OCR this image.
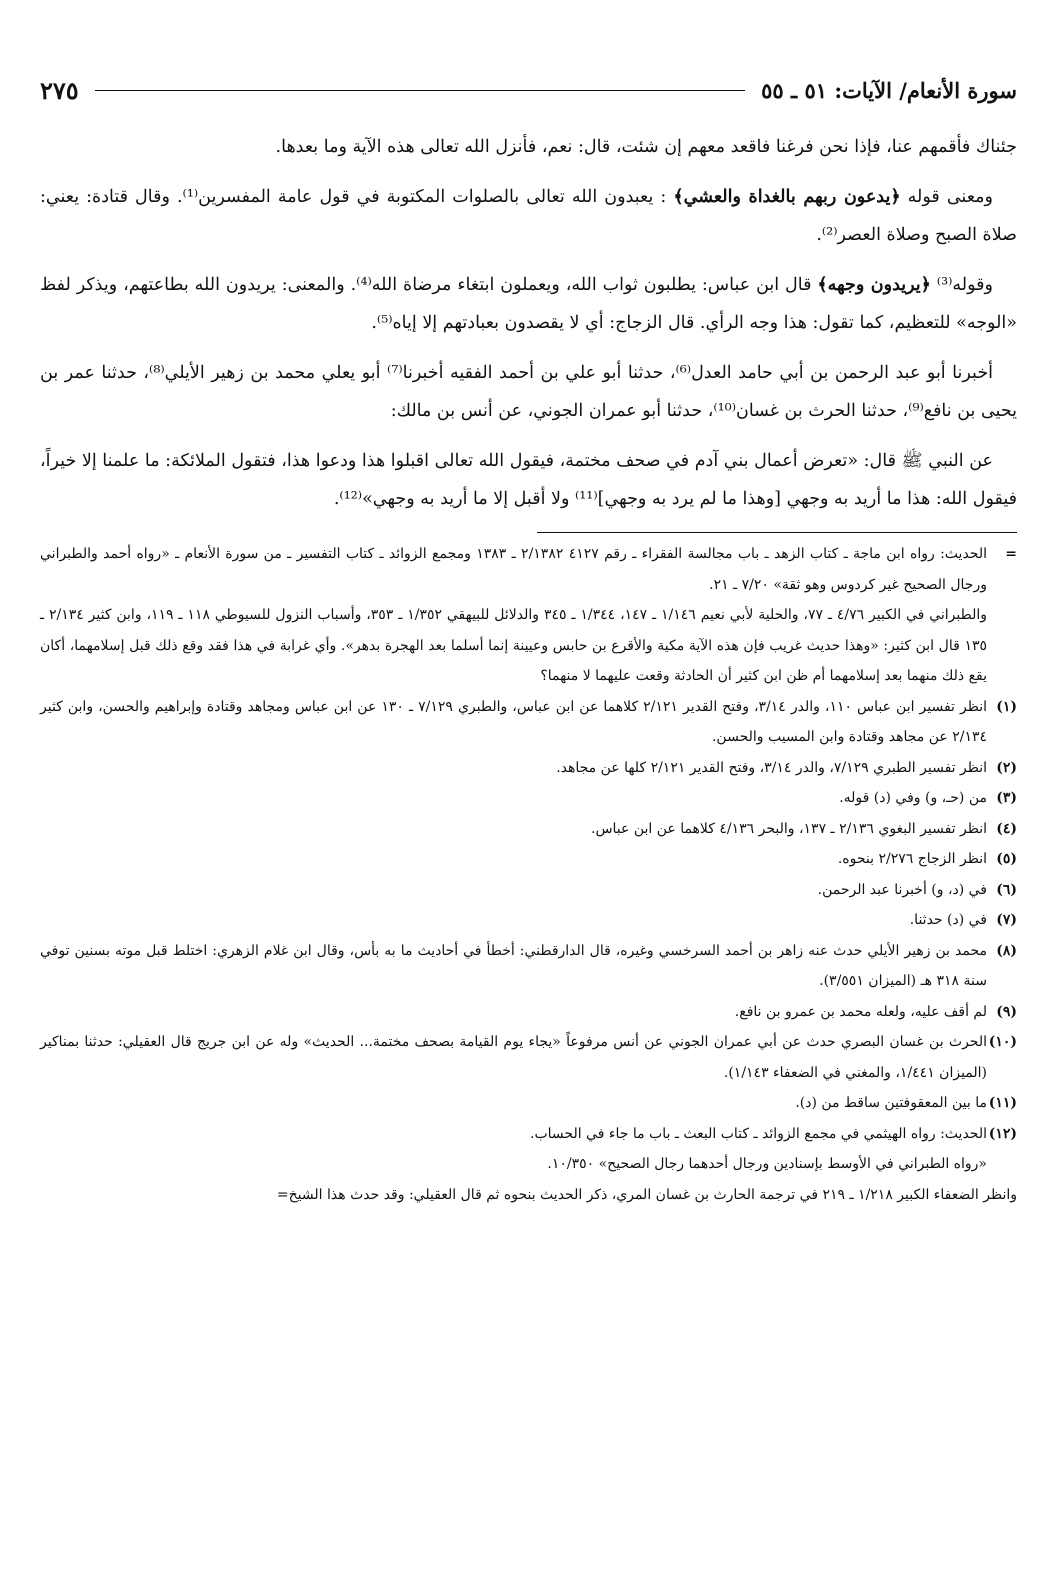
سورة الأنعام/ الآيات: ٥١ ـ ٥٥
٢٧٥

جئناك فأقمهم عنا، فإذا نحن فرغنا فاقعد معهم إن شئت، قال: نعم، فأنزل الله تعالى هذه الآية وما بعدها.

ومعنى قوله ﴿يدعون ربهم بالغداة والعشي﴾ : يعبدون الله تعالى بالصلوات المكتوبة في قول عامة المفسرين⁽¹⁾. وقال قتادة: يعني: صلاة الصبح وصلاة العصر⁽²⁾.

وقوله⁽³⁾ ﴿يريدون وجهه﴾ قال ابن عباس: يطلبون ثواب الله، ويعملون ابتغاء مرضاة الله⁽⁴⁾. والمعنى: يريدون الله بطاعتهم، ويذكر لفظ «الوجه» للتعظيم، كما تقول: هذا وجه الرأي. قال الزجاج: أي لا يقصدون بعبادتهم إلا إياه⁽⁵⁾.

أخبرنا أبو عبد الرحمن بن أبي حامد العدل⁽⁶⁾، حدثنا أبو علي بن أحمد الفقيه أخبرنا⁽⁷⁾ أبو يعلي محمد بن زهير الأيلي⁽⁸⁾، حدثنا عمر بن يحيى بن نافع⁽⁹⁾، حدثنا الحرث بن غسان⁽¹⁰⁾، حدثنا أبو عمران الجوني، عن أنس بن مالك:

عن النبي ﷺ قال: «تعرض أعمال بني آدم في صحف مختمة، فيقول الله تعالى اقبلوا هذا ودعوا هذا، فتقول الملائكة: ما علمنا إلا خيراً، فيقول الله: هذا ما أريد به وجهي [وهذا ما لم يرد به وجهي]⁽¹¹⁾ ولا أقبل إلا ما أريد به وجهي»⁽¹²⁾.

=
الحديث: رواه ابن ماجة ـ كتاب الزهد ـ باب مجالسة الفقراء ـ رقم ٤١٢٧ ٢/١٣٨٢ ـ ١٣٨٣ ومجمع الزوائد ـ كتاب التفسير ـ من سورة الأنعام ـ «رواه أحمد والطبراني ورجال الصحيح غير كردوس وهو ثقة» ٧/٢٠ ـ ٢١.
والطبراني في الكبير ٤/٧٦ ـ ٧٧، والحلية لأبي نعيم ١/١٤٦ ـ ١٤٧، ١/٣٤٤ ـ ٣٤٥ والدلائل للبيهقي ١/٣٥٢ ـ ٣٥٣، وأسباب النزول للسيوطي ١١٨ ـ ١١٩، وابن كثير ٢/١٣٤ ـ ١٣٥ قال ابن كثير: «وهذا حديث غريب فإن هذه الآية مكية والأقرع بن حابس وعيينة إنما أسلما بعد الهجرة بدهر». وأي غرابة في هذا فقد وقع ذلك قبل إسلامهما، أكان يقع ذلك منهما بعد إسلامهما أم ظن ابن كثير أن الحادثة وقعت عليهما لا منهما؟
(١)
انظر تفسير ابن عباس ١١٠، والدر ٣/١٤، وفتح القدير ٢/١٢١ كلاهما عن ابن عباس، والطبري ٧/١٢٩ ـ ١٣٠ عن ابن عباس ومجاهد وقتادة وإبراهيم والحسن، وابن كثير ٢/١٣٤ عن مجاهد وقتادة وابن المسيب والحسن.
(٢)
انظر تفسير الطبري ٧/١٢٩، والدر ٣/١٤، وفتح القدير ٢/١٢١ كلها عن مجاهد.
(٣)
من (حـ، و) وفي (د) قوله.
(٤)
انظر تفسير البغوي ٢/١٣٦ ـ ١٣٧، والبحر ٤/١٣٦ كلاهما عن ابن عباس.
(٥)
انظر الزجاج ٢/٢٧٦ بنحوه.
(٦)
في (د، و) أخبرنا عبد الرحمن.
(٧)
في (د) حدثنا.
(٨)
محمد بن زهير الأيلي حدث عنه زاهر بن أحمد السرخسي وغيره، قال الدارقطني: أخطأ في أحاديث ما به بأس، وقال ابن غلام الزهري: اختلط قبل موته بسنين توفي سنة ٣١٨ هـ (الميزان ٣/٥٥١).
(٩)
لم أقف عليه، ولعله محمد بن عمرو بن نافع.
(١٠)
الحرث بن غسان البصري حدث عن أبي عمران الجوني عن أنس مرفوعاً «يجاء يوم القيامة بصحف مختمة... الحديث» وله عن ابن جريج قال العقيلي: حدثنا بمناكير (الميزان ١/٤٤١، والمغني في الضعفاء ١/١٤٣).
(١١)
ما بين المعقوفتين ساقط من (د).
(١٢)
الحديث: رواه الهيثمي في مجمع الزوائد ـ كتاب البعث ـ باب ما جاء في الحساب.
«رواه الطبراني في الأوسط بإسنادين ورجال أحدهما رجال الصحيح» ١٠/٣٥٠.
وانظر الضعفاء الكبير ١/٢١٨ ـ ٢١٩ في ترجمة الحارث بن غسان المري، ذكر الحديث بنحوه ثم قال العقيلي: وقد حدث هذا الشيخ=
